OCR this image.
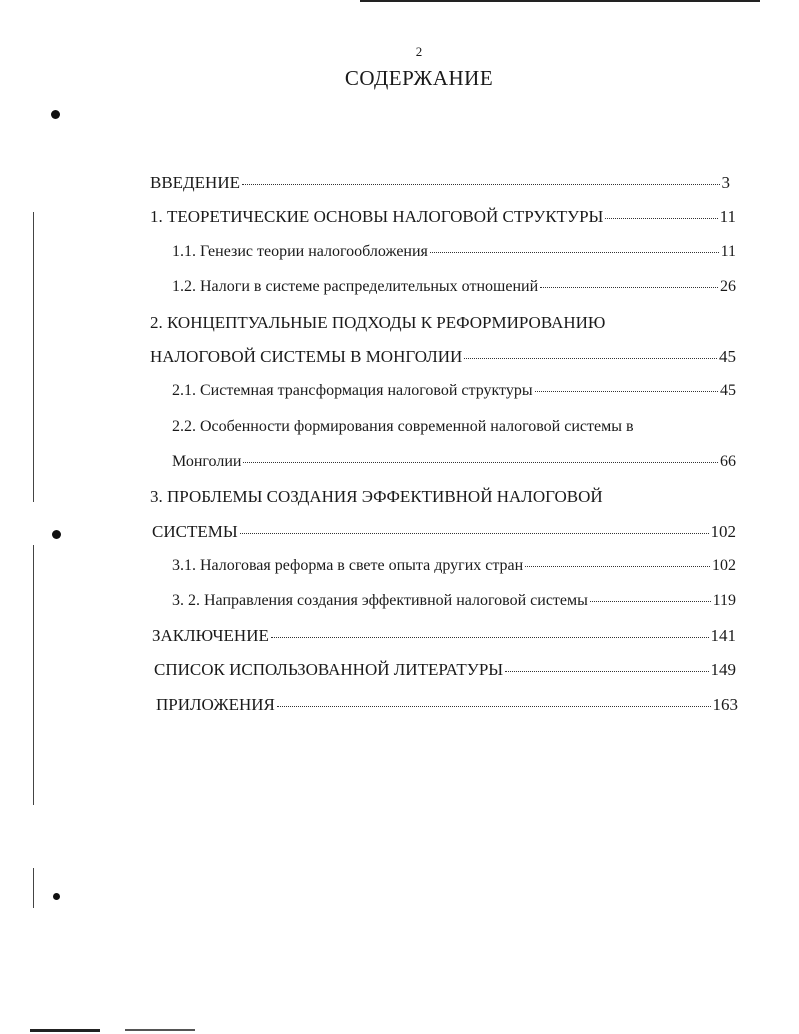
2
СОДЕРЖАНИЕ
ВВЕДЕНИЕ	3
1. ТЕОРЕТИЧЕСКИЕ ОСНОВЫ НАЛОГОВОЙ СТРУКТУРЫ	11
1.1. Генезис теории налогообложения	11
1.2. Налоги в системе распределительных отношений	26
2. КОНЦЕПТУАЛЬНЫЕ ПОДХОДЫ К РЕФОРМИРОВАНИЮ
НАЛОГОВОЙ СИСТЕМЫ В МОНГОЛИИ	45
2.1. Системная трансформация налоговой структуры	45
2.2. Особенности формирования современной налоговой системы в
Монголии	66
3. ПРОБЛЕМЫ СОЗДАНИЯ ЭФФЕКТИВНОЙ НАЛОГОВОЙ
СИСТЕМЫ	102
3.1. Налоговая реформа в свете опыта других стран	102
3. 2. Направления создания эффективной налоговой системы	119
ЗАКЛЮЧЕНИЕ	141
СПИСОК ИСПОЛЬЗОВАННОЙ ЛИТЕРАТУРЫ	149
ПРИЛОЖЕНИЯ	163
